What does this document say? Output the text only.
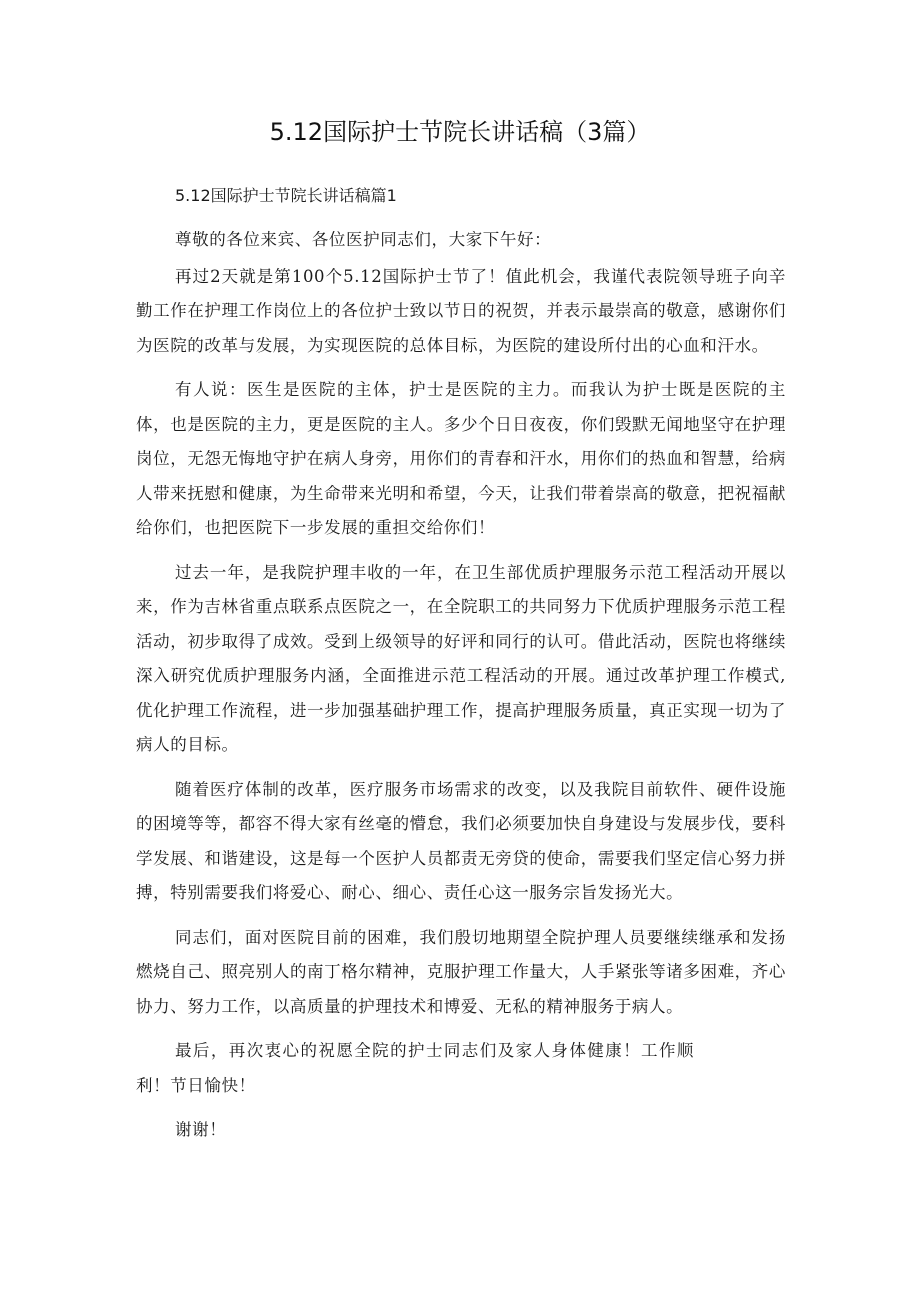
5.12国际护士节院长讲话稿（3篇）

5.12国际护士节院长讲话稿篇1

尊敬的各位来宾、各位医护同志们，大家下午好：

再过2天就是第100个5.12国际护士节了！值此机会，我谨代表院领导班子向辛勤工作在护理工作岗位上的各位护士致以节日的祝贺，并表示最崇高的敬意，感谢你们为医院的改革与发展，为实现医院的总体目标，为医院的建设所付出的心血和汗水。

有人说：医生是医院的主体，护士是医院的主力。而我认为护士既是医院的主体，也是医院的主力，更是医院的主人。多少个日日夜夜，你们毁默无闻地坚守在护理岗位，无怨无悔地守护在病人身旁，用你们的青春和汗水，用你们的热血和智慧，给病人带来抚慰和健康，为生命带来光明和希望，今天，让我们带着崇高的敬意，把祝福献给你们，也把医院下一步发展的重担交给你们！

过去一年，是我院护理丰收的一年，在卫生部优质护理服务示范工程活动开展以来，作为吉林省重点联系点医院之一，在全院职工的共同努力下优质护理服务示范工程活动，初步取得了成效。受到上级领导的好评和同行的认可。借此活动，医院也将继续深入研究优质护理服务内涵，全面推进示范工程活动的开展。通过改革护理工作模式,优化护理工作流程，进一步加强基础护理工作，提高护理服务质量，真正实现一切为了病人的目标。

随着医疗体制的改革，医疗服务市场需求的改变，以及我院目前软件、硬件设施的困境等等，都容不得大家有丝毫的懵怠，我们必须要加快自身建设与发展步伐，要科学发展、和谐建设，这是每一个医护人员都责无旁贷的使命，需要我们坚定信心努力拼搏，特别需要我们将爱心、耐心、细心、责任心这一服务宗旨发扬光大。

同志们，面对医院目前的困难，我们殷切地期望全院护理人员要继续继承和发扬燃烧自己、照亮别人的南丁格尔精神，克服护理工作量大，人手紧张等诸多困难，齐心协力、努力工作，以高质量的护理技术和博爱、无私的精神服务于病人。

最后，再次衷心的祝愿全院的护士同志们及家人身体健康！工作顺利！节日愉快！

谢谢！
